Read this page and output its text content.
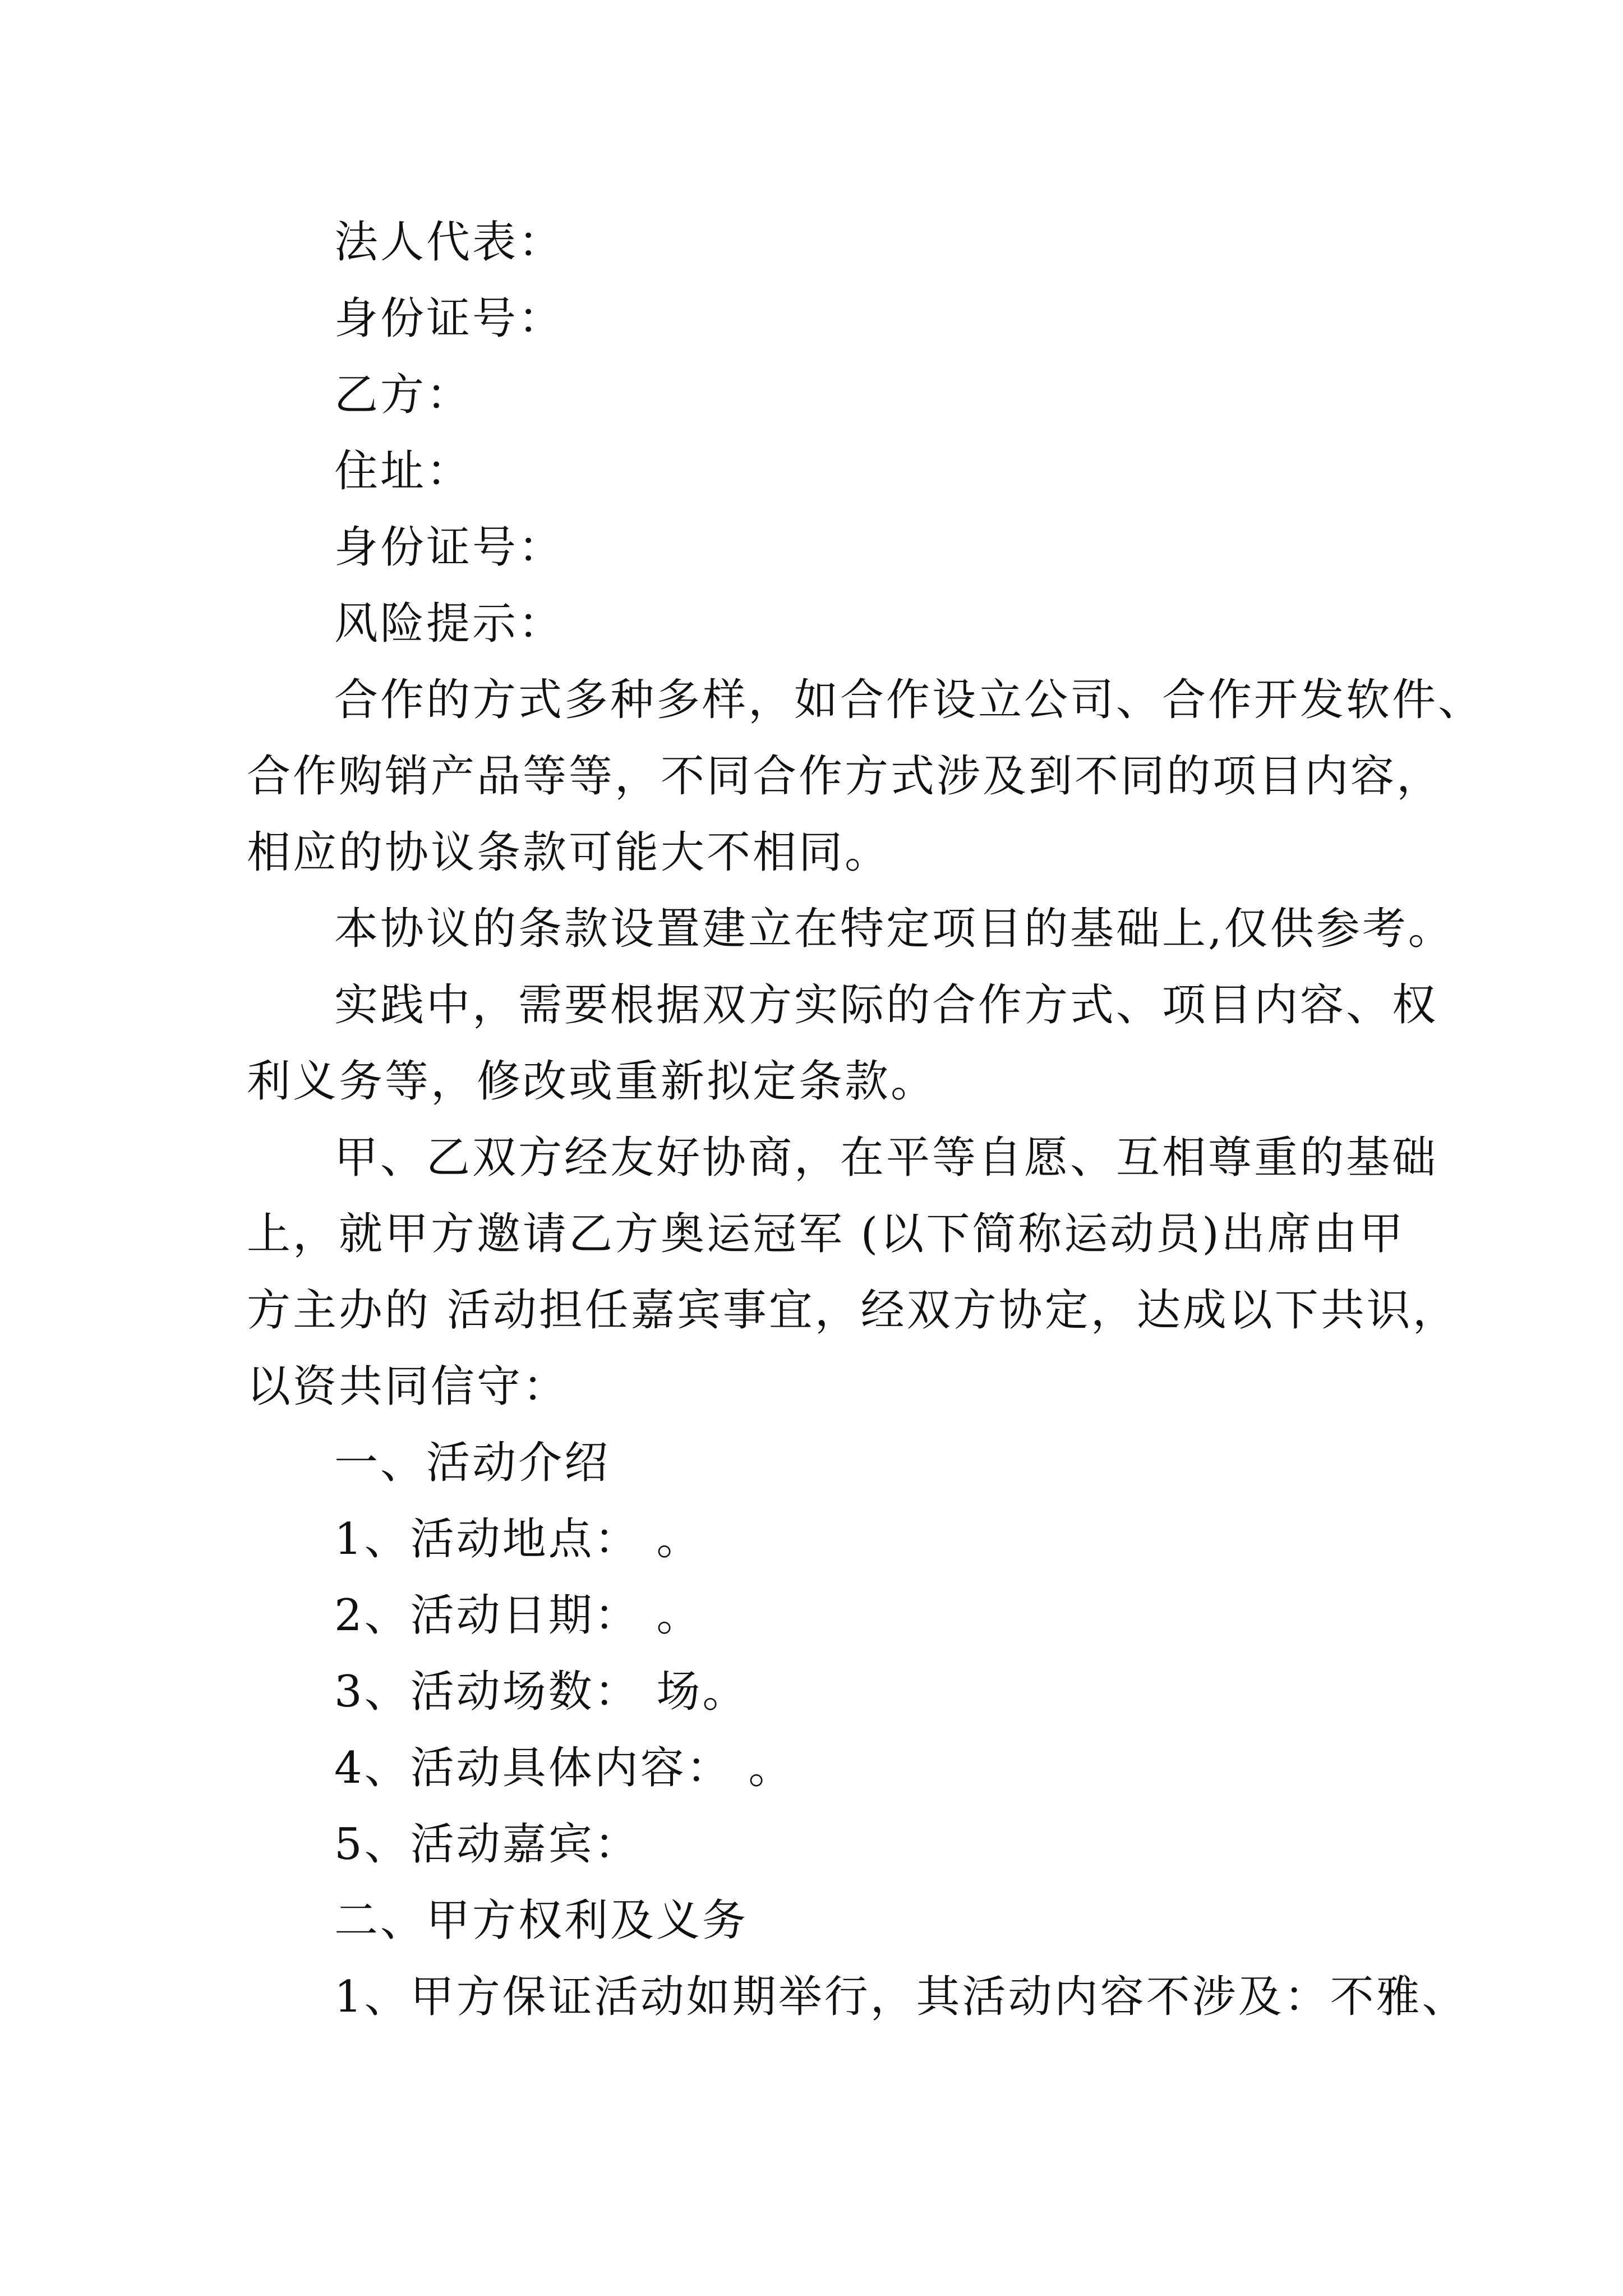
法人代表：

身份证号：

乙方：

住址：

身份证号：

风险提示：

合作的方式多种多样，如合作设立公司、合作开发软件、

合作购销产品等等，不同合作方式涉及到不同的项目内容，

相应的协议条款可能大不相同。

本协议的条款设置建立在特定项目的基础上,仅供参考。

实践中，需要根据双方实际的合作方式、项目内容、权

利义务等，修改或重新拟定条款。

甲、乙双方经友好协商，在平等自愿、互相尊重的基础

上，就甲方邀请乙方奥运冠军 (以下简称运动员)出席由甲

方主办的 活动担任嘉宾事宜，经双方协定，达成以下共识，

以资共同信守：

一、活动介绍

1、活动地点： 。

2、活动日期： 。

3、活动场数： 场。

4、活动具体内容： 。

5、活动嘉宾：

二、甲方权利及义务

1、甲方保证活动如期举行，其活动内容不涉及：不雅、
